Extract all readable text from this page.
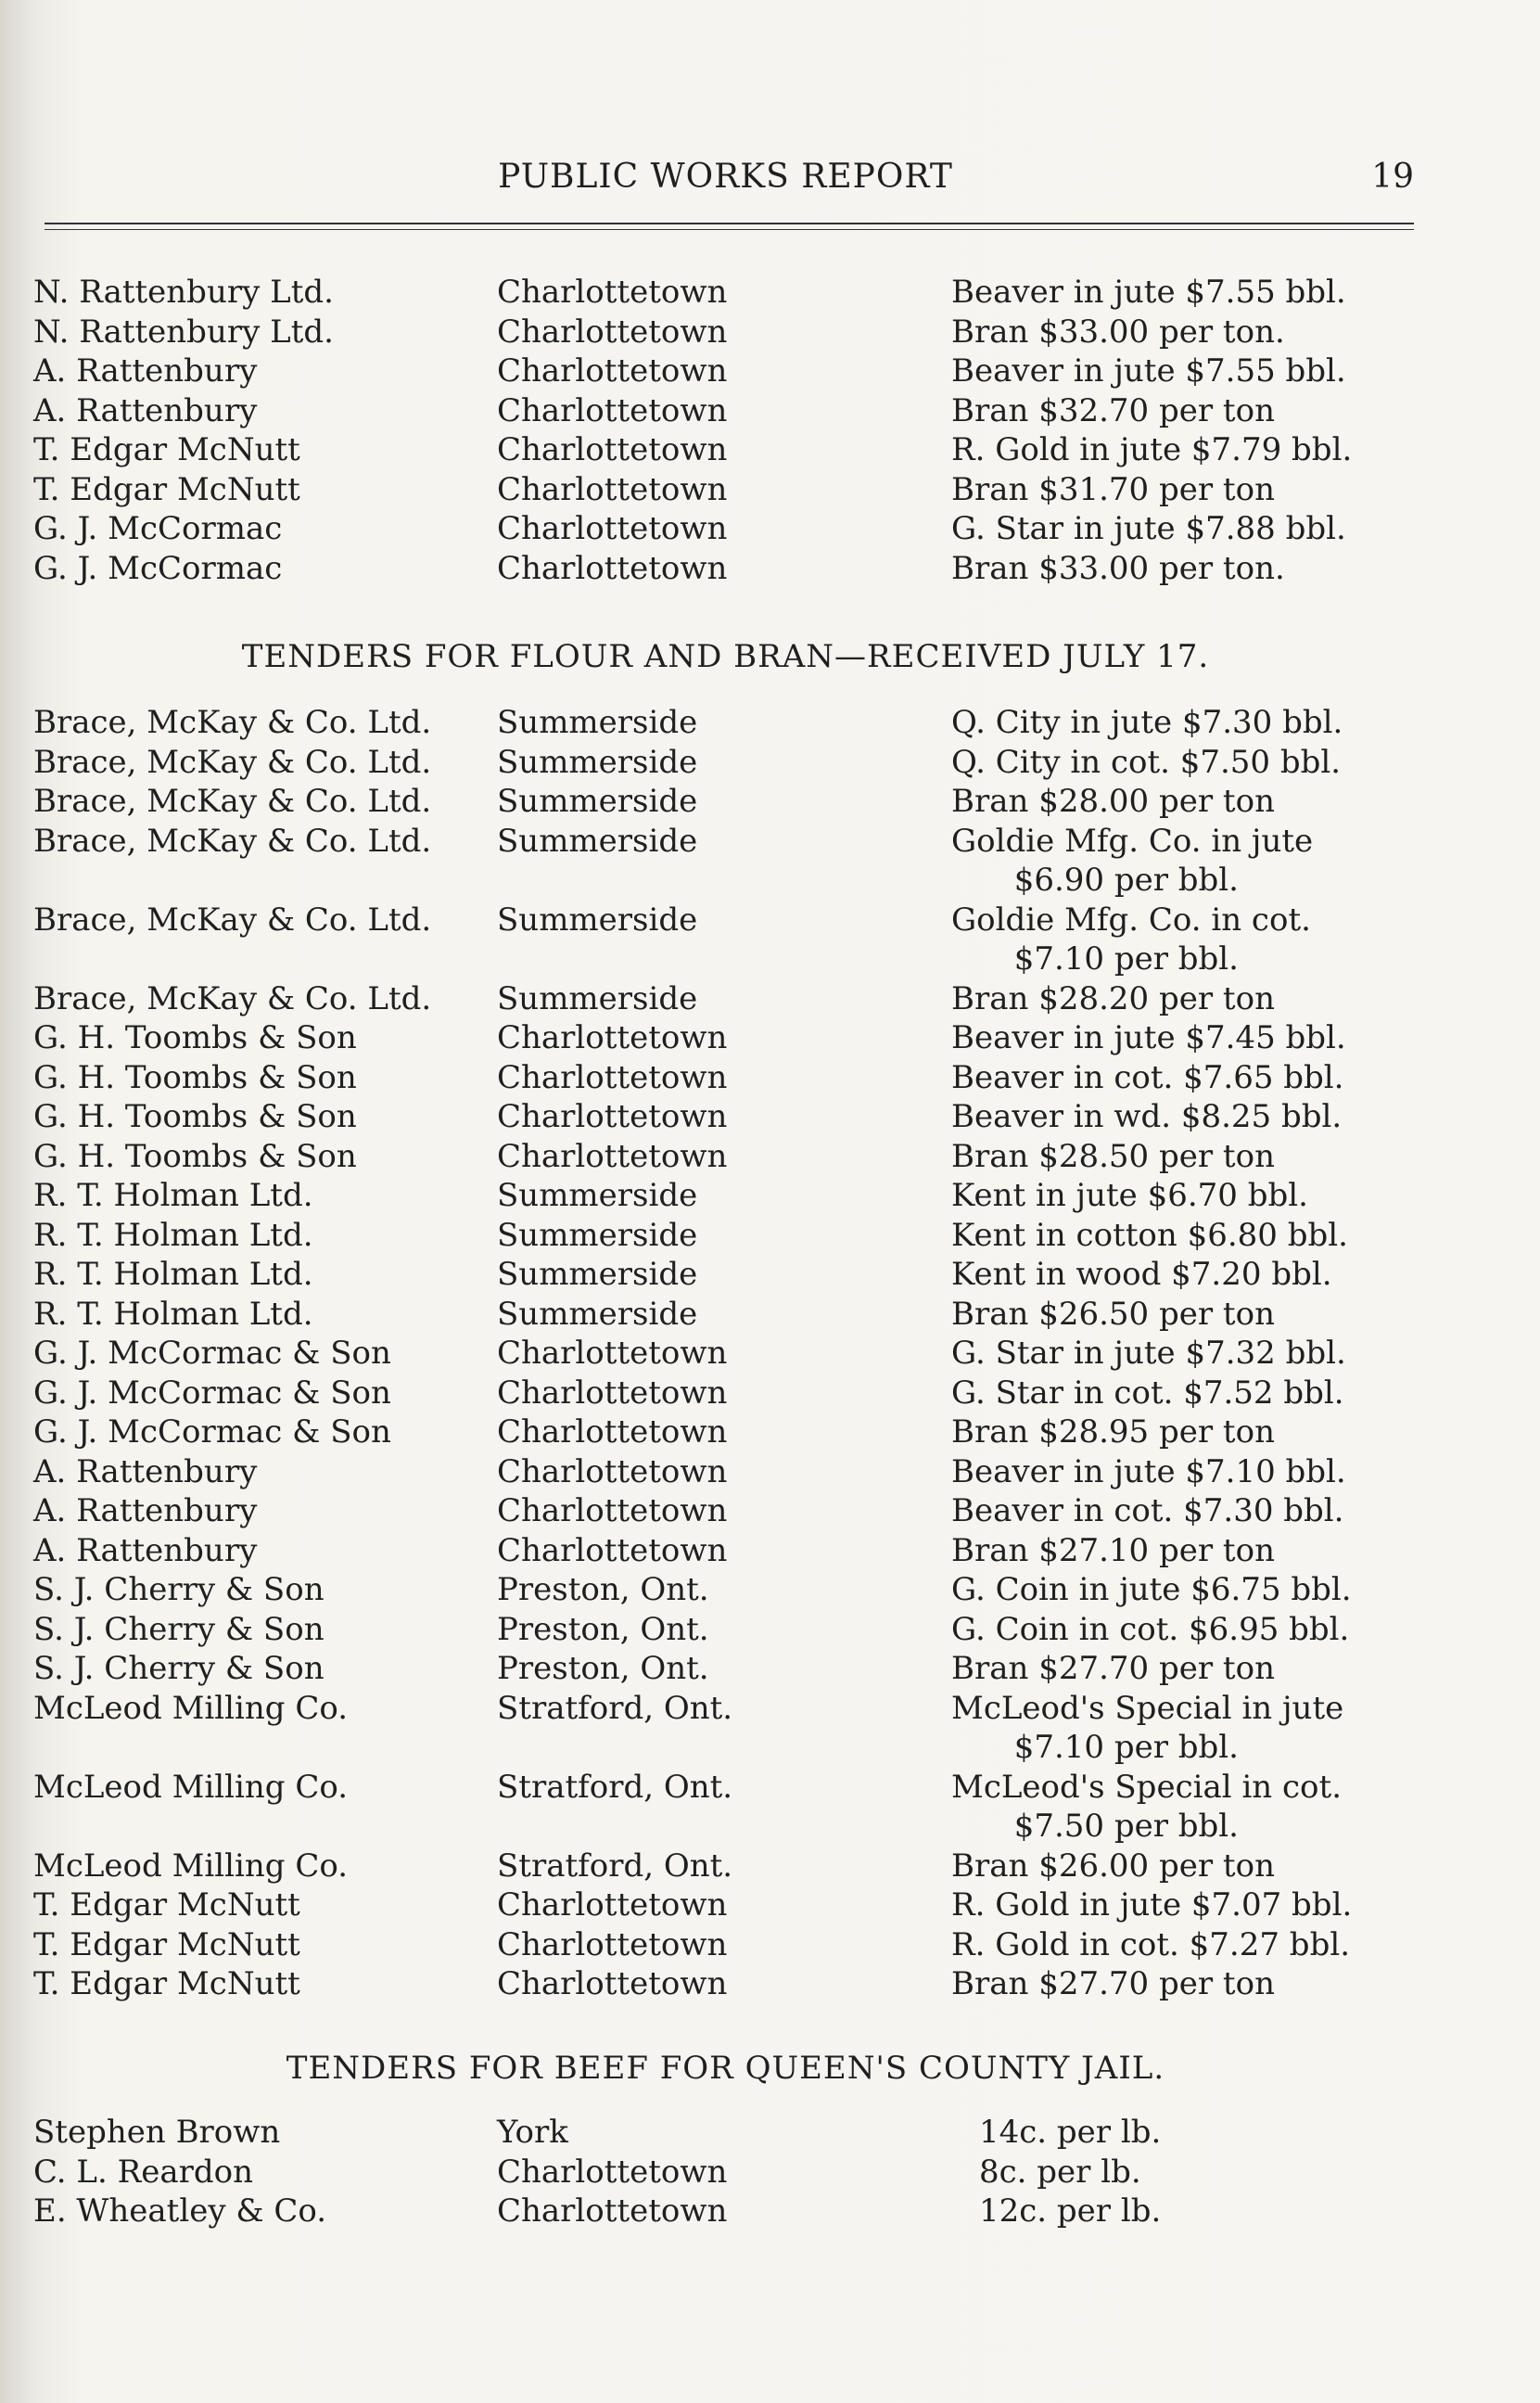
PUBLIC WORKS REPORT	19
N. Rattenbury Ltd.	Charlottetown	Beaver in jute $7.55 bbl.
N. Rattenbury Ltd.	Charlottetown	Bran $33.00 per ton.
A. Rattenbury	Charlottetown	Beaver in jute $7.55 bbl.
A. Rattenbury	Charlottetown	Bran $32.70 per ton
T. Edgar McNutt	Charlottetown	R. Gold in jute $7.79 bbl.
T. Edgar McNutt	Charlottetown	Bran $31.70 per ton
G. J. McCormac	Charlottetown	G. Star in jute $7.88 bbl.
G. J. McCormac	Charlottetown	Bran $33.00 per ton.
TENDERS FOR FLOUR AND BRAN—RECEIVED JULY 17.
Brace, McKay & Co. Ltd. Summerside	Q. City in jute $7.30 bbl.
Brace, McKay & Co. Ltd. Summerside	Q. City in cot. $7.50 bbl.
Brace, McKay & Co. Ltd. Summerside	Bran $28.00 per ton
Brace, McKay & Co. Ltd. Summerside	Goldie Mfg. Co. in jute
$6.90 per bbl.
Brace, McKay & Co. Ltd. Summerside	Goldie Mfg. Co. in cot.
$7.10 per bbl.
Brace, McKay & Co. Ltd. Summerside	Bran $28.20 per ton
G. H. Toombs & Son	Charlottetown	Beaver in jute $7.45 bbl.
G. H. Toombs & Son	Charlottetown	Beaver in cot. $7.65 bbl.
G. H. Toombs & Son	Charlottetown	Beaver in wd. $8.25 bbl.
G. H. Toombs & Son	Charlottetown	Bran $28.50 per ton
R. T. Holman Ltd.	Summerside	Kent in jute $6.70 bbl.
R. T. Holman Ltd.	Summerside	Kent in cotton $6.80 bbl.
R. T. Holman Ltd.	Summerside	Kent in wood $7.20 bbl.
R. T. Holman Ltd.	Summerside	Bran $26.50 per ton
G. J. McCormac & Son	Charlottetown	G. Star in jute $7.32 bbl.
G. J. McCormac & Son	Charlottetown	G. Star in cot. $7.52 bbl.
G. J. McCormac & Son	Charlottetown	Bran $28.95 per ton
A. Rattenbury	Charlottetown	Beaver in jute $7.10 bbl.
A. Rattenbury	Charlottetown	Beaver in cot. $7.30 bbl.
A. Rattenbury	Charlottetown	Bran $27.10 per ton
S. J. Cherry & Son	Preston, Ont.	G. Coin in jute $6.75 bbl.
S. J. Cherry & Son	Preston, Ont.	G. Coin in cot. $6.95 bbl.
S. J. Cherry & Son	Preston, Ont.	Bran $27.70 per ton
McLeod Milling Co.	Stratford, Ont.	McLeod's Special in jute
$7.10 per bbl.
McLeod Milling Co.	Stratford, Ont.	McLeod's Special in cot.
$7.50 per bbl.
McLeod Milling Co.	Stratford, Ont.	Bran $26.00 per ton
T. Edgar McNutt	Charlottetown	R. Gold in jute $7.07 bbl.
T. Edgar McNutt	Charlottetown	R. Gold in cot. $7.27 bbl.
T. Edgar McNutt	Charlottetown	Bran $27.70 per ton
TENDERS FOR BEEF FOR QUEEN'S COUNTY JAIL.
Stephen Brown	York	14c. per lb.
C. L. Reardon	Charlottetown	8c. per lb.
E. Wheatley & Co.	Charlottetown	12c. per lb.
